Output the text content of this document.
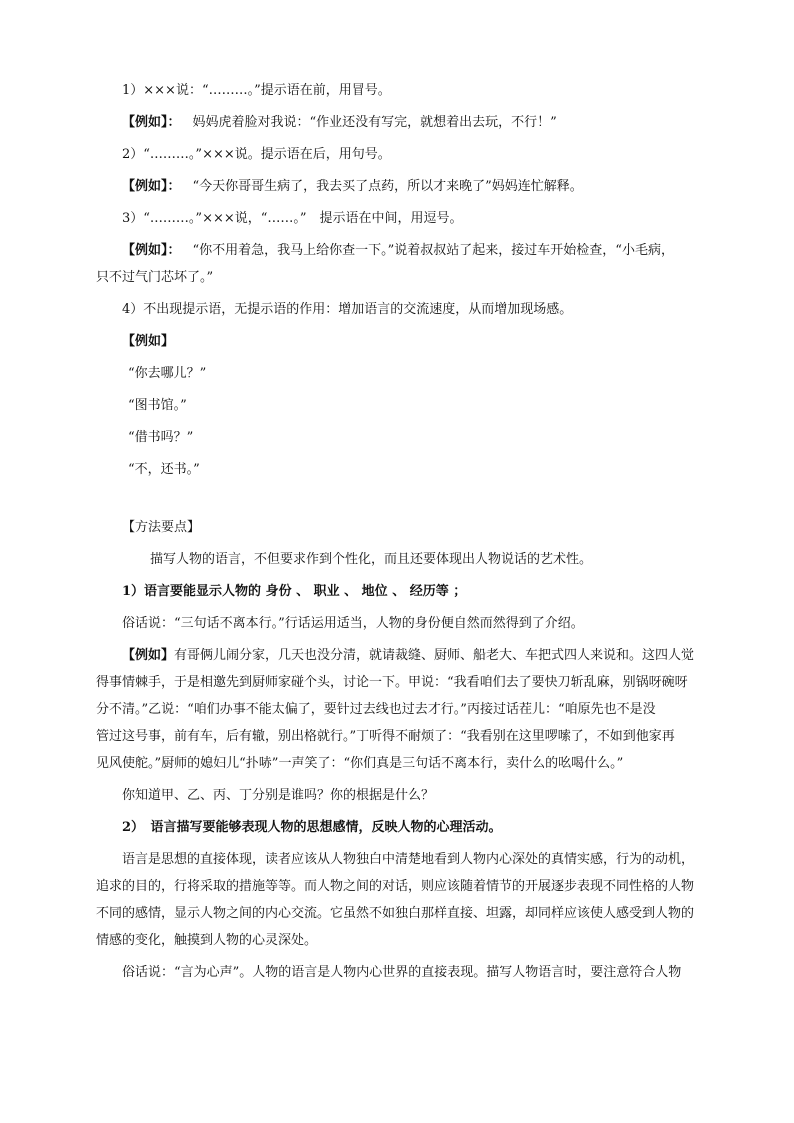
1）×××说：“………。”提示语在前，用冒号。
【例如】： 妈妈虎着脸对我说：“作业还没有写完，就想着出去玩，不行！”
2）“………。”×××说。提示语在后，用句号。
【例如】： “今天你哥哥生病了，我去买了点药，所以才来晚了”妈妈连忙解释。
3）“………。”×××说，“……。”　提示语在中间，用逗号。
【例如】： “你不用着急，我马上给你查一下。”说着叔叔站了起来，接过车开始检查，“小毛病，
只不过气门芯坏了。”
4）不出现提示语，无提示语的作用：增加语言的交流速度，从而增加现场感。
【例如】
“你去哪儿？”
“图书馆。”
“借书吗？”
“不，还书。”
【方法要点】
描写人物的语言，不但要求作到个性化，而且还要体现出人物说话的艺术性。
1）语言要能显示人物的 身份 、 职业 、 地位 、 经历等 ；
俗话说：“三句话不离本行。”行话运用适当，人物的身份便自然而然得到了介绍。
【例如】有哥俩儿闹分家，几天也没分清，就请裁缝、厨师、船老大、车把式四人来说和。这四人觉
得事情棘手，于是相邀先到厨师家碰个头，讨论一下。甲说：“我看咱们去了要快刀斩乱麻，别锅呀碗呀
分不清。”乙说：“咱们办事不能太偏了，要针过去线也过去才行。”丙接过话茬儿：“咱原先也不是没
管过这号事，前有车，后有辙，别出格就行。”丁听得不耐烦了：“我看别在这里啰嗦了，不如到他家再
见风使舵。”厨师的媳妇儿“扑哧”一声笑了：“你们真是三句话不离本行，卖什么的吆喝什么。”
你知道甲、乙、丙、丁分别是谁吗？你的根据是什么？
2）　语言描写要能够表现人物的思想感情，反映人物的心理活动。
语言是思想的直接体现，读者应该从人物独白中清楚地看到人物内心深处的真情实感，行为的动机，
追求的目的，行将采取的措施等等。而人物之间的对话，则应该随着情节的开展逐步表现不同性格的人物
不同的感情，显示人物之间的内心交流。它虽然不如独白那样直接、坦露，却同样应该使人感受到人物的
情感的变化，触摸到人物的心灵深处。
俗话说：“言为心声”。人物的语言是人物内心世界的直接表现。描写人物语言时，要注意符合人物
